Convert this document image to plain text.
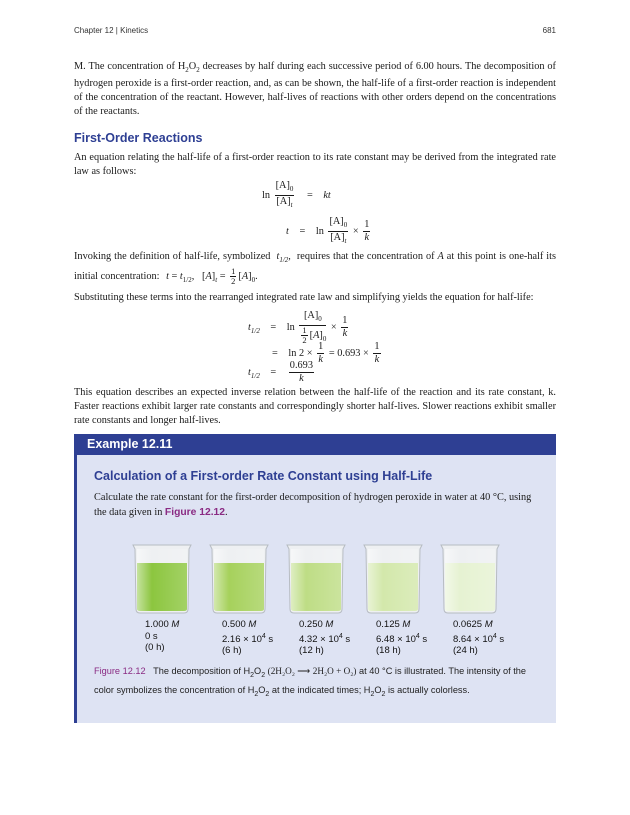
Chapter 12 | Kinetics	681
M. The concentration of $H_2O_2$ decreases by half during each successive period of 6.00 hours. The decomposition of hydrogen peroxide is a first-order reaction, and, as can be shown, the half-life of a first-order reaction is independent of the concentration of the reactant. However, half-lives of reactions with other orders depend on the concentrations of the reactants.
First-Order Reactions
An equation relating the half-life of a first-order reaction to its rate constant may be derived from the integrated rate law as follows:
$\ln \frac{[A]_0}{[A]_t}$ = kt
$t = \ln \frac{[A]_0}{[A]_t} \times \frac{1}{k}$
Invoking the definition of half-life, symbolized $t_{1/2}$, requires that the concentration of A at this point is one-half its initial concentration: $t = t_{1/2}$,   $[A]_t = \frac{1}{2} [A]_0$.
Substituting these terms into the rearranged integrated rate law and simplifying yields the equation for half-life:
$t_{1/2} = \ln \frac{[A]_0}{\frac{1}{2} [A]_0} \times \frac{1}{k}$
= $\ln 2 \times \frac{1}{k} = 0.693 \times \frac{1}{k}$
$t_{1/2} = \frac{0.693}{k}$
This equation describes an expected inverse relation between the half-life of the reaction and its rate constant, k. Faster reactions exhibit larger rate constants and correspondingly shorter half-lives. Slower reactions exhibit smaller rate constants and longer half-lives.
Example 12.11
Calculation of a First-order Rate Constant using Half-Life
Calculate the rate constant for the first-order decomposition of hydrogen peroxide in water at 40 °C, using the data given in Figure 12.12.
1.000 M
0 s
(0 h)
0.500 M
$2.16 \times 10^4$ s
(6 h)
0.250 M
$4.32 \times 10^4$ s
(12 h)
0.125 M
$6.48 \times 10^4$ s
(18 h)
0.0625 M
$8.64 \times 10^4$ s
(24 h)
Figure 12.12 The decomposition of $H_2O_2$ (2H₂O₂ ⟶ 2H₂O + O₂) at 40 °C is illustrated. The intensity of the color symbolizes the concentration of $H_2O_2$ at the indicated times; $H_2O_2$ is actually colorless.
